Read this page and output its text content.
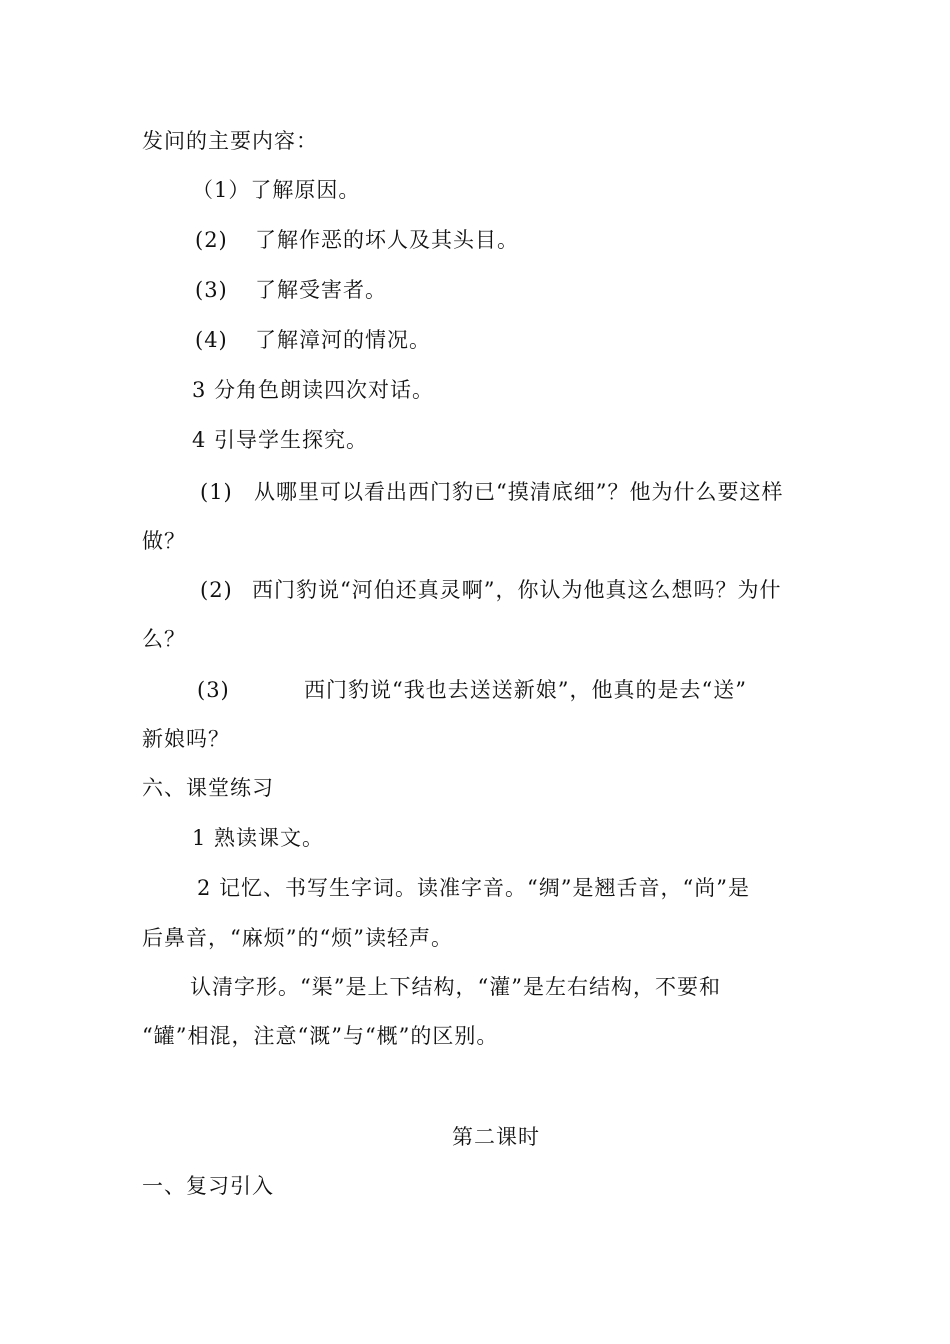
发问的主要内容：
（1）了解原因。
(2) 了解作恶的坏人及其头目。
(3) 了解受害者。
(4) 了解漳河的情况。
3 分角色朗读四次对话。
4 引导学生探究。
(1) 从哪里可以看出西门豹已“摸清底细”？他为什么要这样
做？
(2) 西门豹说“河伯还真灵啊”，你认为他真这么想吗？为什
么？
(3)	西门豹说“我也去送送新娘”，他真的是去“送”
新娘吗？
六、课堂练习
1 熟读课文。
2 记忆、书写生字词。读准字音。“绸”是翘舌音，“尚”是
后鼻音，“麻烦”的“烦”读轻声。
认清字形。“渠”是上下结构，“灌”是左右结构，不要和
“罐”相混，注意“溉”与“概”的区别。
第二课时
一、复习引入
